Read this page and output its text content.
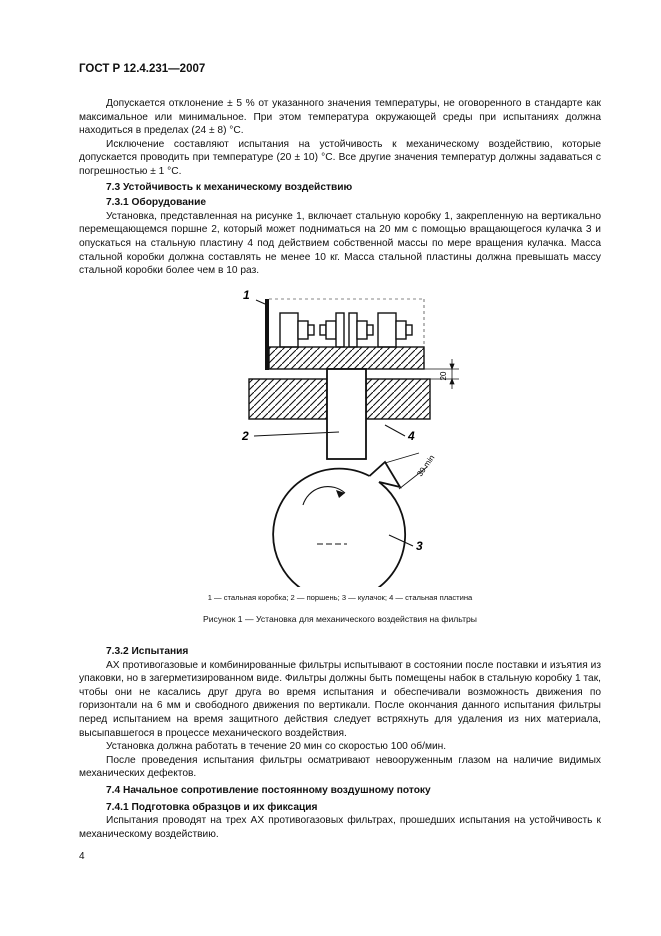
ГОСТ Р 12.4.231—2007

Допускается отклонение ± 5 % от указанного значения температуры, не оговоренного в стандарте как максимальное или минимальное. При этом температура окружающей среды при испытаниях должна находиться в пределах (24 ± 8) °С.

Исключение составляют испытания на устойчивость к механическому воздействию, которые допускается проводить при температуре (20 ± 10) °С. Все другие значения температур должны задаваться с погрешностью ± 1 °С.

7.3 Устойчивость к механическому воздействию

7.3.1 Оборудование

Установка, представленная на рисунке 1, включает стальную коробку 1, закрепленную на вертикально перемещающемся поршне 2, который может подниматься на 20 мм с помощью вращающегося кулачка 3 и опускаться на стальную пластину 4 под действием собственной массы по мере вращения кулачка. Масса стальной коробки должна составлять не менее 10 кг. Масса стальной пластины должна превышать массу стальной коробки более чем в 10 раз.

20
30 min
1
2	4
3
1 — стальная коробка; 2 — поршень; 3 — кулачок; 4 — стальная пластина
Рисунок 1 — Установка для механического воздействия на фильтры

7.3.2 Испытания

АХ противогазовые и комбинированные фильтры испытывают в состоянии после поставки и изъятия из упаковки, но в загерметизированном виде. Фильтры должны быть помещены набок в стальную коробку 1 так, чтобы они не касались друг друга во время испытания и обеспечивали возможность движения по горизонтали на 6 мм и свободного движения по вертикали. После окончания данного испытания фильтры перед испытанием на время защитного действия следует встряхнуть для удаления из них материала, высыпавшегося в процессе механического воздействия.

Установка должна работать в течение 20 мин со скоростью 100 об/мин.

После проведения испытания фильтры осматривают невооруженным глазом на наличие видимых механических дефектов.

7.4 Начальное сопротивление постоянному воздушному потоку

7.4.1 Подготовка образцов и их фиксация

Испытания проводят на трех АХ противогазовых фильтрах, прошедших испытания на устойчивость к механическому воздействию.

4
